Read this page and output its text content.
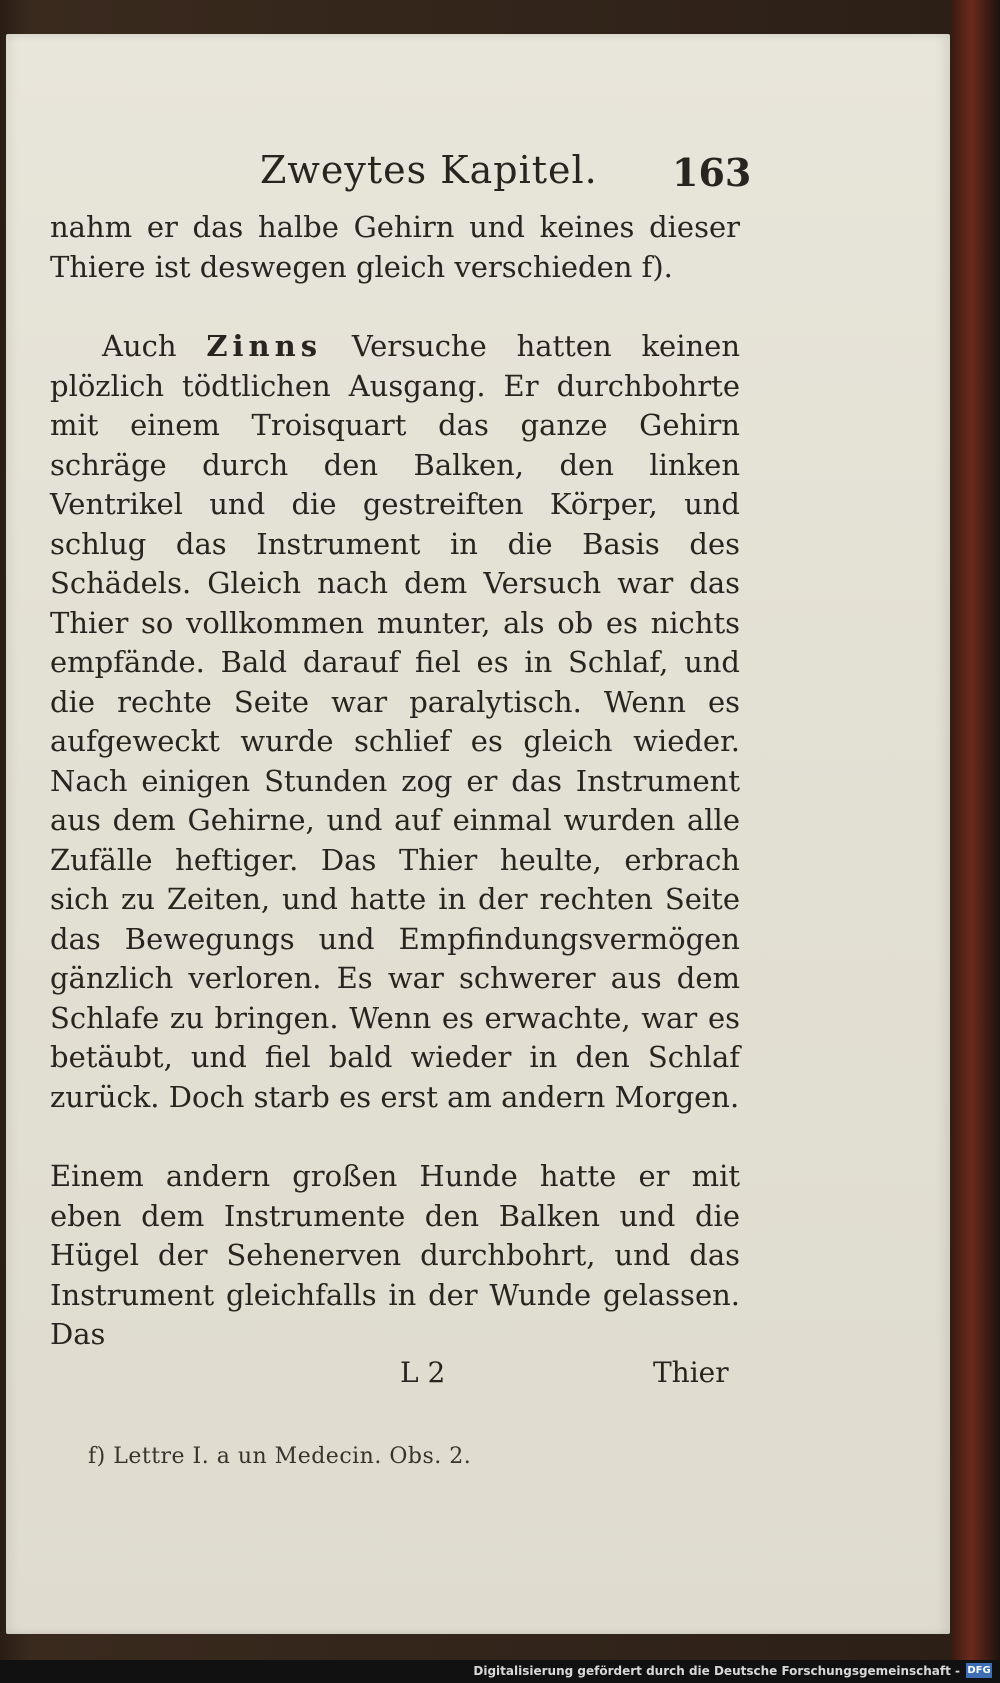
Zweytes Kapitel.	163

nahm er das halbe Gehirn und keines dieser Thiere ist deswegen gleich verschieden f).

Auch Zinns Versuche hatten keinen plözlich tödtlichen Ausgang. Er durchbohrte mit einem Troisquart das ganze Gehirn schräge durch den Balken, den linken Ventrikel und die gestreiften Körper, und schlug das Instrument in die Basis des Schädels. Gleich nach dem Versuch war das Thier so vollkommen munter, als ob es nichts empfände. Bald darauf fiel es in Schlaf, und die rechte Seite war paralytisch. Wenn es aufgeweckt wurde schlief es gleich wieder. Nach einigen Stunden zog er das Instrument aus dem Gehirne, und auf einmal wurden alle Zufälle heftiger. Das Thier heulte, erbrach sich zu Zeiten, und hatte in der rechten Seite das Bewegungs und Empfindungsvermögen gänzlich verloren. Es war schwerer aus dem Schlafe zu bringen. Wenn es erwachte, war es betäubt, und fiel bald wieder in den Schlaf zurück. Doch starb es erst am andern Morgen.

Einem andern großen Hunde hatte er mit eben dem Instrumente den Balken und die Hügel der Sehenerven durchbohrt, und das Instrument gleichfalls in der Wunde gelassen. Das

L 2	Thier
f) Lettre I. a un Medecin. Obs. 2.
Digitalisierung gefördert durch die Deutsche Forschungsgemeinschaft - DFG
